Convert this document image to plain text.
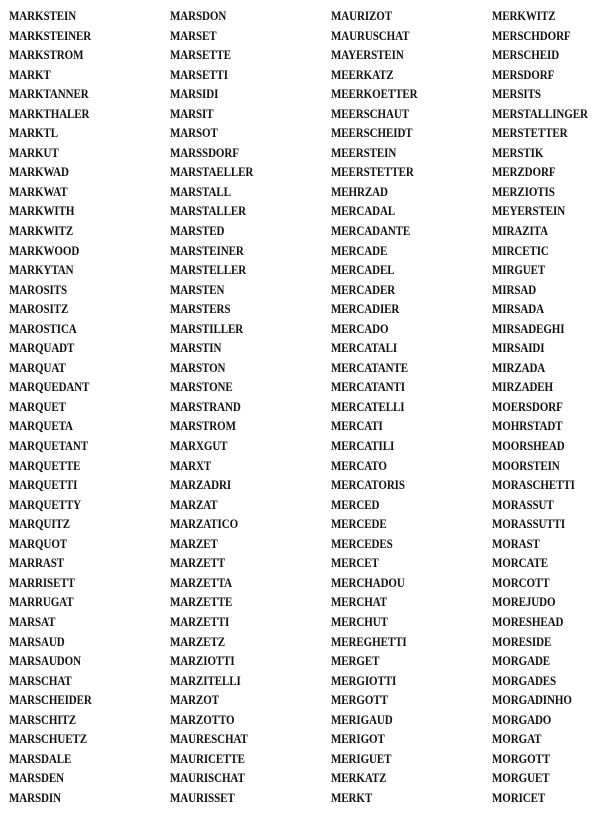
MARKSTEIN
MARKSTEINER
MARKSTROM
MARKT
MARKTANNER
MARKTHALER
MARKTL
MARKUT
MARKWAD
MARKWAT
MARKWITH
MARKWITZ
MARKWOOD
MARKYTAN
MAROSITS
MAROSITZ
MAROSTICA
MARQUADT
MARQUAT
MARQUEDANT
MARQUET
MARQUETA
MARQUETANT
MARQUETTE
MARQUETTI
MARQUETTY
MARQUITZ
MARQUOT
MARRAST
MARRISETT
MARRUGAT
MARSAT
MARSAUD
MARSAUDON
MARSCHAT
MARSCHEIDER
MARSCHITZ
MARSCHUETZ
MARSDALE
MARSDEN
MARSDIN
MARSDON
MARSET
MARSETTE
MARSETTI
MARSIDI
MARSIT
MARSOT
MARSSDORF
MARSTAELLER
MARSTALL
MARSTALLER
MARSTED
MARSTEINER
MARSTELLER
MARSTEN
MARSTERS
MARSTILLER
MARSTIN
MARSTON
MARSTONE
MARSTRAND
MARSTROM
MARXGUT
MARXT
MARZADRI
MARZAT
MARZATICO
MARZET
MARZETT
MARZETTA
MARZETTE
MARZETTI
MARZETZ
MARZIOTTI
MARZITELLI
MARZOT
MARZOTTO
MAURESCHAT
MAURICETTE
MAURISCHAT
MAURISSET
MAURIZOT
MAURUSCHAT
MAYERSTEIN
MEERKATZ
MEERKOETTER
MEERSCHAUT
MEERSCHEIDT
MEERSTEIN
MEERSTETTER
MEHRZAD
MERCADAL
MERCADANTE
MERCADE
MERCADEL
MERCADER
MERCADIER
MERCADO
MERCATALI
MERCATANTE
MERCATANTI
MERCATELLI
MERCATI
MERCATILI
MERCATO
MERCATORIS
MERCED
MERCEDE
MERCEDES
MERCET
MERCHADOU
MERCHAT
MERCHUT
MEREGHETTI
MERGET
MERGIOTTI
MERGOTT
MERIGAUD
MERIGOT
MERIGUET
MERKATZ
MERKT
MERKWITZ
MERSCHDORF
MERSCHEID
MERSDORF
MERSITS
MERSTALLINGER
MERSTETTER
MERSTIK
MERZDORF
MERZIOTIS
MEYERSTEIN
MIRAZITA
MIRCETIC
MIRGUET
MIRSAD
MIRSADA
MIRSADEGHI
MIRSAIDI
MIRZADA
MIRZADEH
MOERSDORF
MOHRSTADT
MOORSHEAD
MOORSTEIN
MORASCHETTI
MORASSUT
MORASSUTTI
MORAST
MORCATE
MORCOTT
MOREJUDO
MORESHEAD
MORESIDE
MORGADE
MORGADES
MORGADINHO
MORGADO
MORGAT
MORGOTT
MORGUET
MORICET
